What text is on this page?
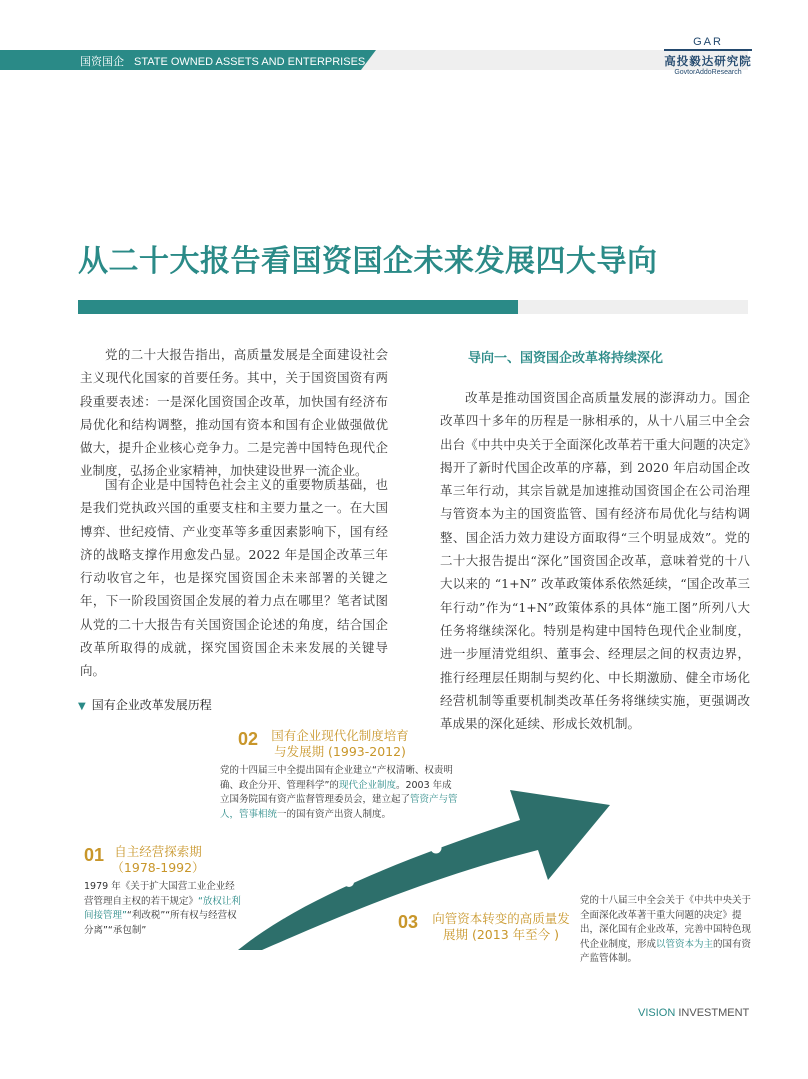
国资国企 STATE OWNED ASSETS AND ENTERPRISES
GAR
高投毅达研究院
GovtorAddoResearch
从二十大报告看国资国企未来发展四大导向

党的二十大报告指出，高质量发展是全面建设社会主义现代化国家的首要任务。其中，关于国资国资有两段重要表述：一是深化国资国企改革，加快国有经济布局优化和结构调整，推动国有资本和国有企业做强做优做大，提升企业核心竞争力。二是完善中国特色现代企业制度，弘扬企业家精神，加快建设世界一流企业。

国有企业是中国特色社会主义的重要物质基础，也是我们党执政兴国的重要支柱和主要力量之一。在大国博弈、世纪疫情、产业变革等多重因素影响下，国有经济的战略支撑作用愈发凸显。2022 年是国企改革三年行动收官之年，也是探究国资国企未来部署的关键之年，下一阶段国资国企发展的着力点在哪里？笔者试图从党的二十大报告有关国资国企论述的角度，结合国企改革所取得的成就，探究国资国企未来发展的关键导向。

导向一、国资国企改革将持续深化

改革是推动国资国企高质量发展的澎湃动力。国企改革四十多年的历程是一脉相承的，从十八届三中全会出台《中共中央关于全面深化改革若干重大问题的决定》揭开了新时代国企改革的序幕，到 2020 年启动国企改革三年行动，其宗旨就是加速推动国资国企在公司治理与管资本为主的国资监管、国有经济布局优化与结构调整、国企活力效力建设方面取得“三个明显成效”。党的二十大报告提出“深化”国资国企改革，意味着党的十八大以来的 “1+N” 改革政策体系依然延续，“国企改革三年行动”作为“1+N”政策体系的具体“施工图”所列八大任务将继续深化。特别是构建中国特色现代企业制度，进一步厘清党组织、董事会、经理层之间的权责边界，推行经理层任期制与契约化、中长期激励、健全市场化经营机制等重要机制类改革任务将继续实施，更强调改革成果的深化延续、形成长效机制。

▼ 国有企业改革发展历程
02	国有企业现代化制度培育
与发展期 (1993-2012)

党的十四届三中全提出国有企业建立“产权清晰、权责明确、政企分开、管理科学”的现代企业制度。2003 年成立国务院国有资产监督管理委员会，建立起了管资产与管人，管事相统一的国有资产出资人制度。

01 自主经营探索期
（1978-1992）

1979 年《关于扩大国营工业企业经营管理自主权的若干规定》“放权让利间接管理”“利改税”“所有权与经营权分离”“承包制”	03	向管资本转变的高质量发
展期 (2013 年至今 )

党的十八届三中全会关于《中共中央关于全面深化改革著干重大问题的决定》提出，深化国有企业改革，完善中国特色现代企业制度，形成以管资本为主的国有资产监管体制。

VISION INVESTMENT
